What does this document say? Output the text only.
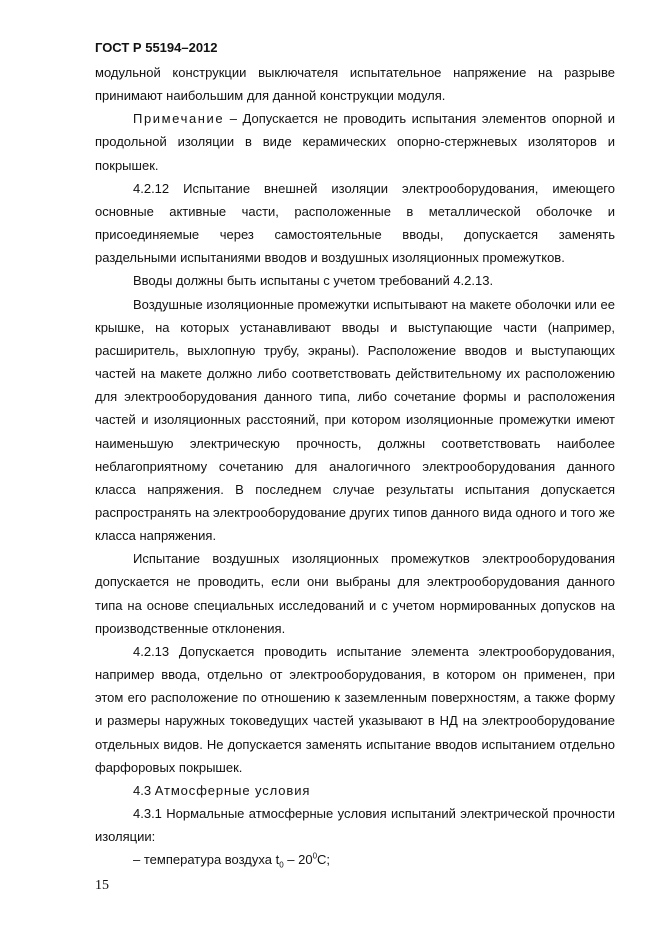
ГОСТ Р 55194–2012

модульной конструкции выключателя испытательное напряжение на разрыве принимают наибольшим для данной конструкции модуля.

Примечание – Допускается не проводить испытания элементов опорной и продольной изоляции в виде керамических опорно-стержневых изоляторов и покрышек.

4.2.12 Испытание внешней изоляции электрооборудования, имеющего основные активные части, расположенные в металлической оболочке и присоединяемые через самостоятельные вводы, допускается заменять раздельными испытаниями вводов и воздушных изоляционных промежутков.

Вводы должны быть испытаны с учетом требований 4.2.13.

Воздушные изоляционные промежутки испытывают на макете оболочки или ее крышке, на которых устанавливают вводы и выступающие части (например, расширитель, выхлопную трубу, экраны). Расположение вводов и выступающих частей на макете должно либо соответствовать действительному их расположению для электрооборудования данного типа, либо сочетание формы и расположения частей и изоляционных расстояний, при котором изоляционные промежутки имеют наименьшую электрическую прочность, должны соответствовать наиболее неблагоприятному сочетанию для аналогичного электрооборудования данного класса напряжения. В последнем случае результаты испытания допускается распространять на электрооборудование других типов данного вида одного и того же класса напряжения.

Испытание воздушных изоляционных промежутков электрооборудования допускается не проводить, если они выбраны для электрооборудования данного типа на основе специальных исследований и с учетом нормированных допусков на производственные отклонения.

4.2.13 Допускается проводить испытание элемента электрооборудования, например ввода, отдельно от электрооборудования, в котором он применен, при этом его расположение по отношению к заземленным поверхностям, а также форму и размеры наружных токоведущих частей указывают в НД на электрооборудование отдельных видов. Не допускается заменять испытание вводов испытанием отдельно фарфоровых покрышек.

4.3 Атмосферные условия

4.3.1 Нормальные атмосферные условия испытаний электрической прочности изоляции:

– температура воздуха $t_0 - 20^0С$;

15
